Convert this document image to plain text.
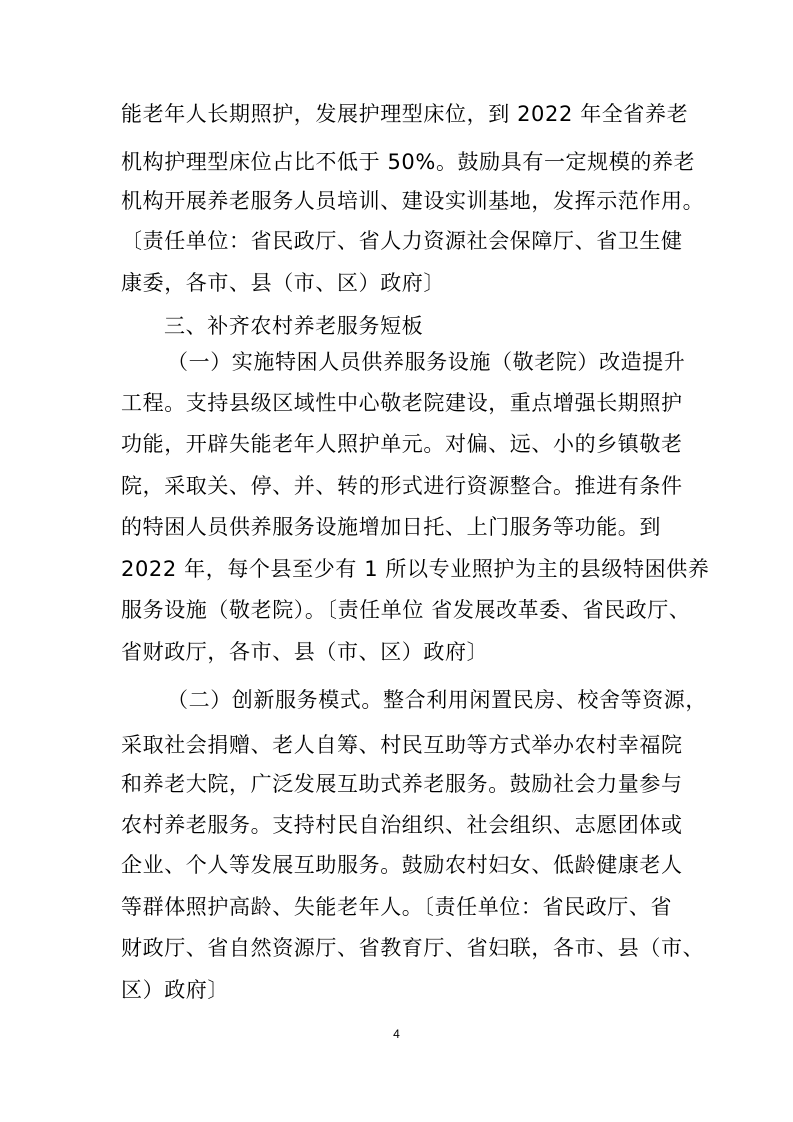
能老年人长期照护，发展护理型床位，到 2022 年全省养老
机构护理型床位占比不低于 50%。鼓励具有一定规模的养老
机构开展养老服务人员培训、建设实训基地，发挥示范作用。
〔责任单位：省民政厅、省人力资源社会保障厅、省卫生健
康委，各市、县（市、区）政府〕
三、补齐农村养老服务短板
（一）实施特困人员供养服务设施（敬老院）改造提升
工程。支持县级区域性中心敬老院建设，重点增强长期照护
功能，开辟失能老年人照护单元。对偏、远、小的乡镇敬老
院，采取关、停、并、转的形式进行资源整合。推进有条件
的特困人员供养服务设施增加日托、上门服务等功能。到
2022 年，每个县至少有 1 所以专业照护为主的县级特困供养
服务设施（敬老院）。〔责任单位 省发展改革委、省民政厅、
省财政厅，各市、县（市、区）政府〕
（二）创新服务模式。整合利用闲置民房、校舍等资源，
采取社会捐赠、老人自筹、村民互助等方式举办农村幸福院
和养老大院，广泛发展互助式养老服务。鼓励社会力量参与
农村养老服务。支持村民自治组织、社会组织、志愿团体或
企业、个人等发展互助服务。鼓励农村妇女、低龄健康老人
等群体照护高龄、失能老年人。〔责任单位：省民政厅、省
财政厅、省自然资源厅、省教育厅、省妇联，各市、县（市、
区）政府〕
4
